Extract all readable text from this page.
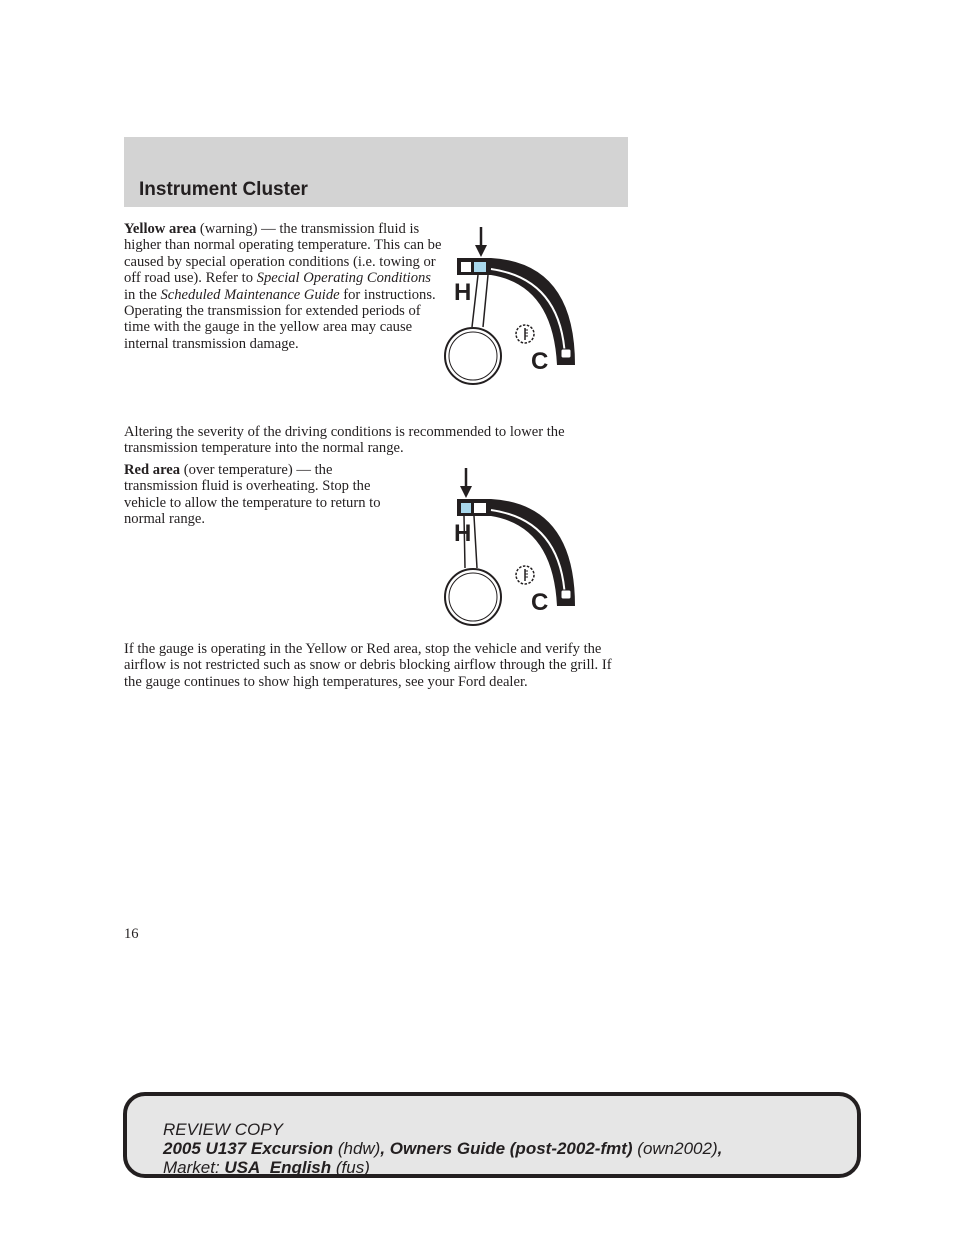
Instrument Cluster

Yellow area (warning) — the transmission fluid is higher than normal operating temperature. This can be caused by special operation conditions (i.e. towing or off road use). Refer to Special Operating Conditions in the Scheduled Maintenance Guide for instructions. Operating the transmission for extended periods of time with the gauge in the yellow area may cause internal transmission damage.

Altering the severity of the driving conditions is recommended to lower the transmission temperature into the normal range.

Red area (over temperature) — the transmission fluid is overheating. Stop the vehicle to allow the temperature to return to normal range.

If the gauge is operating in the Yellow or Red area, stop the vehicle and verify the airflow is not restricted such as snow or debris blocking airflow through the grill. If the gauge continues to show high temperatures, see your Ford dealer.

H
C
H
C
16
REVIEW COPY
2005 U137 Excursion (hdw), Owners Guide (post-2002-fmt) (own2002),
Market: USA_English (fus)
